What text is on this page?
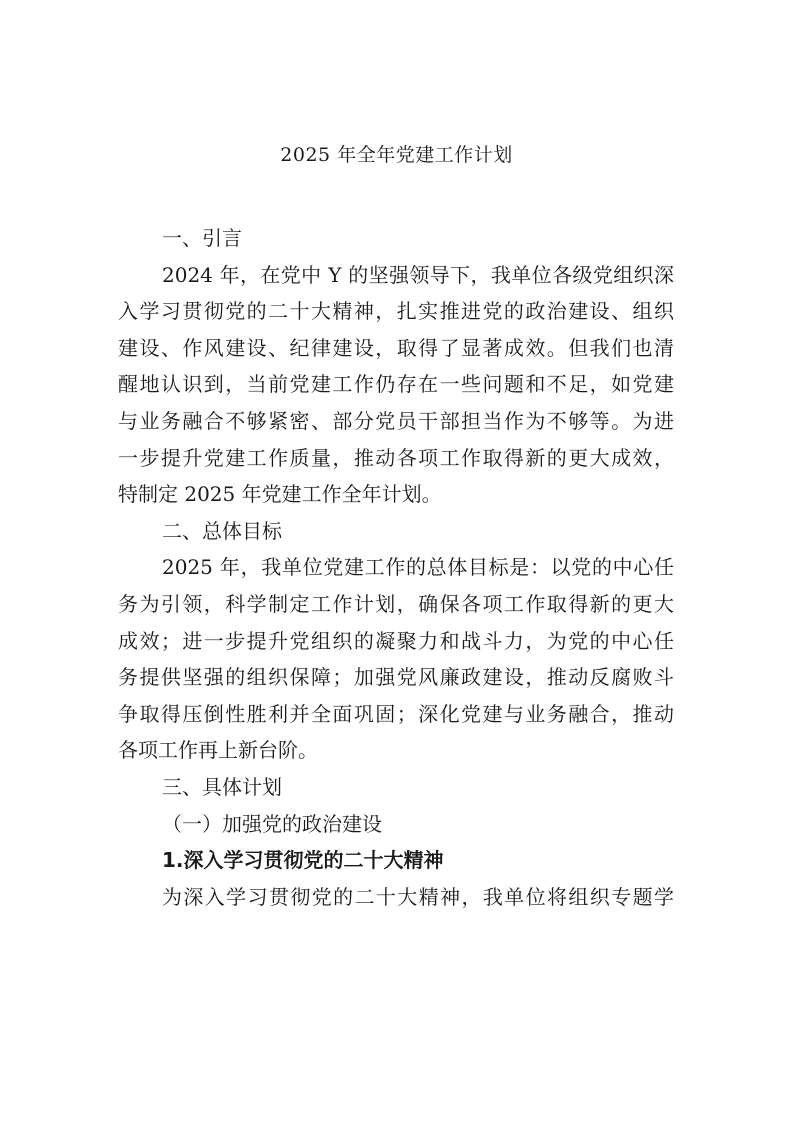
2025 年全年党建工作计划
一、引言
2024 年，在党中 Y 的坚强领导下，我单位各级党组织深
入学习贯彻党的二十大精神，扎实推进党的政治建设、组织
建设、作风建设、纪律建设，取得了显著成效。但我们也清
醒地认识到，当前党建工作仍存在一些问题和不足，如党建
与业务融合不够紧密、部分党员干部担当作为不够等。为进
一步提升党建工作质量，推动各项工作取得新的更大成效，
特制定 2025 年党建工作全年计划。
二、总体目标
2025 年，我单位党建工作的总体目标是：以党的中心任
务为引领，科学制定工作计划，确保各项工作取得新的更大
成效；进一步提升党组织的凝聚力和战斗力，为党的中心任
务提供坚强的组织保障；加强党风廉政建设，推动反腐败斗
争取得压倒性胜利并全面巩固；深化党建与业务融合，推动
各项工作再上新台阶。
三、具体计划
（一）加强党的政治建设
1.深入学习贯彻党的二十大精神
为深入学习贯彻党的二十大精神，我单位将组织专题学
